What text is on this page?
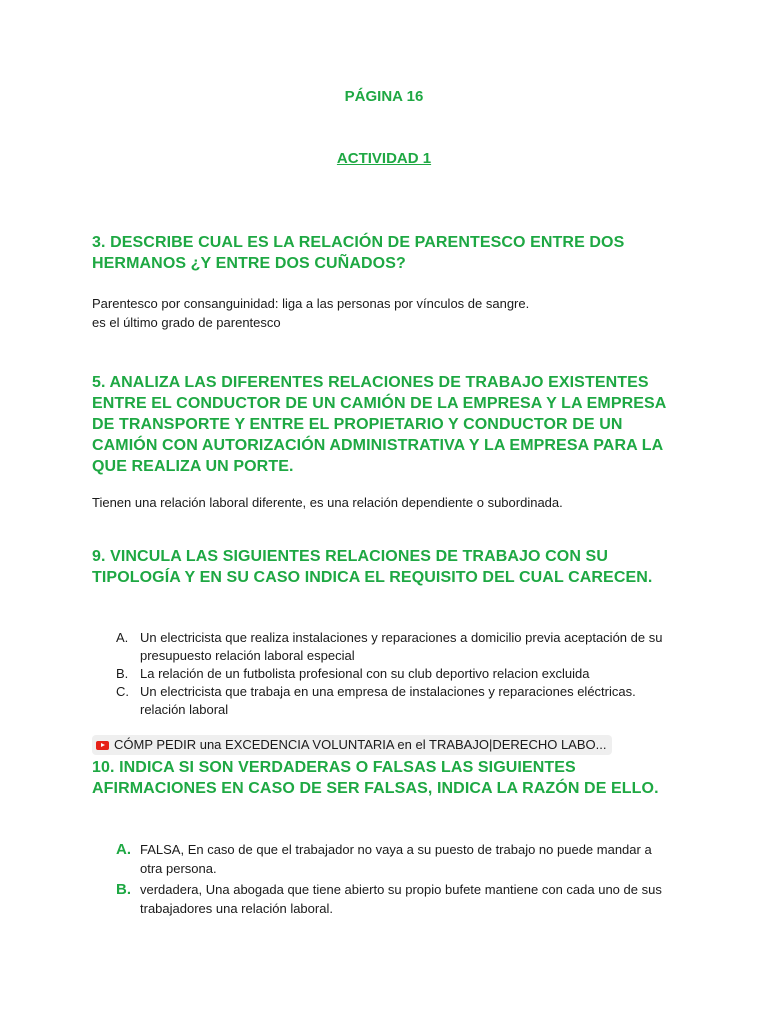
PÁGINA 16
ACTIVIDAD 1
3. DESCRIBE CUAL ES LA RELACIÓN DE PARENTESCO ENTRE DOS HERMANOS ¿Y ENTRE DOS CUÑADOS?
Parentesco por consanguinidad: liga a las personas por vínculos de sangre.
es el último grado de parentesco
5. ANALIZA LAS DIFERENTES RELACIONES DE TRABAJO EXISTENTES ENTRE EL CONDUCTOR DE UN CAMIÓN DE LA EMPRESA Y LA EMPRESA DE TRANSPORTE Y ENTRE EL PROPIETARIO Y CONDUCTOR DE UN CAMIÓN CON AUTORIZACIÓN ADMINISTRATIVA Y LA EMPRESA PARA LA QUE REALIZA UN PORTE.
Tienen una relación laboral diferente, es una relación dependiente o subordinada.
9. VINCULA LAS SIGUIENTES RELACIONES DE TRABAJO CON SU TIPOLOGÍA Y EN SU CASO INDICA EL REQUISITO DEL CUAL CARECEN.
A. Un electricista que realiza instalaciones y reparaciones a domicilio previa aceptación de su presupuesto relación laboral especial
B. La relación de un futbolista profesional con su club deportivo relacion excluida
C. Un electricista que trabaja en una empresa de instalaciones y reparaciones eléctricas. relación laboral
CÓMP PEDIR una EXCEDENCIA VOLUNTARIA en el TRABAJO|DERECHO LABO...
10. INDICA SI SON VERDADERAS O FALSAS LAS SIGUIENTES AFIRMACIONES EN CASO DE SER FALSAS, INDICA LA RAZÓN DE ELLO.
A. FALSA, En caso de que el trabajador no vaya a su puesto de trabajo no puede mandar a otra persona.
B. verdadera, Una abogada que tiene abierto su propio bufete mantiene con cada uno de sus trabajadores una relación laboral.
